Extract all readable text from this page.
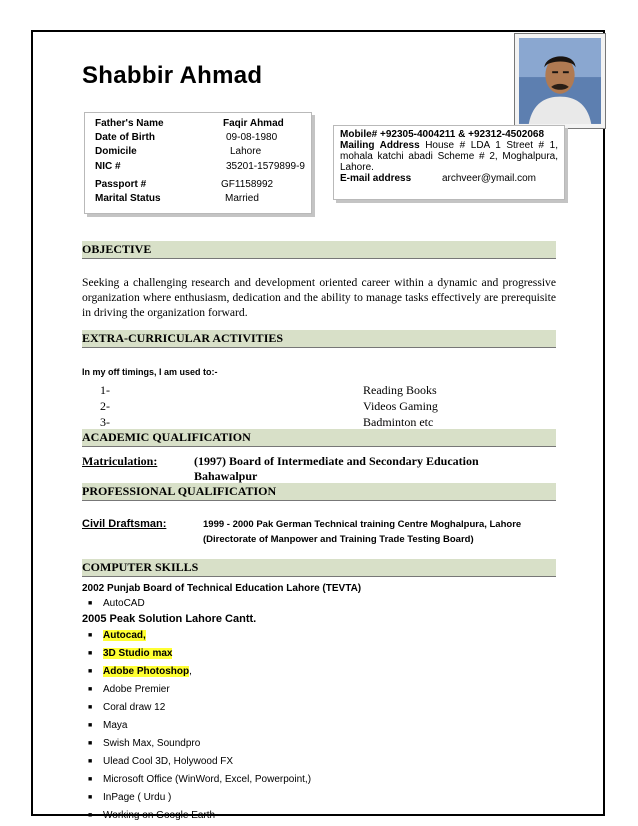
Shabbir Ahmad
Father's Name	Faqir Ahmad
Date of Birth	09-08-1980
Domicile	Lahore
NIC #	35201-1579899-9
Passport #	GF1158992
Marital Status	Married
Mobile# +92305-4004211 & +92312-4502068
Mailing Address House # LDA 1 Street # 1, mohala katchi abadi Scheme # 2, Moghalpura, Lahore.
E-mail address	archveer@ymail.com
OBJECTIVE
Seeking a challenging research and development oriented career within a dynamic and progressive organization where enthusiasm, dedication and the ability to manage tasks effectively are prerequisite in driving the organization forward.
EXTRA-CURRICULAR ACTIVITIES
In my off timings, I am used to:-
1-	Reading Books
2-	Videos Gaming
3-	Badminton etc
ACADEMIC QUALIFICATION
Matriculation:	(1997) Board of Intermediate and Secondary Education
Bahawalpur
PROFESSIONAL QUALIFICATION
Civil Draftsman:	1999 - 2000 Pak German Technical training Centre Moghalpura, Lahore
(Directorate of Manpower and Training Trade Testing Board)
COMPUTER SKILLS
2002 Punjab Board of Technical Education Lahore (TEVTA)
■ AutoCAD
2005 Peak Solution Lahore Cantt.
■ Autocad,
■ 3D Studio max
■ Adobe Photoshop,
■ Adobe Premier
■ Coral draw 12
■ Maya
■ Swish Max, Soundpro
■ Ulead Cool 3D, Holywood FX
■ Microsoft Office (WinWord, Excel, Powerpoint,)
■ InPage ( Urdu )
■ Working on Google Earth
